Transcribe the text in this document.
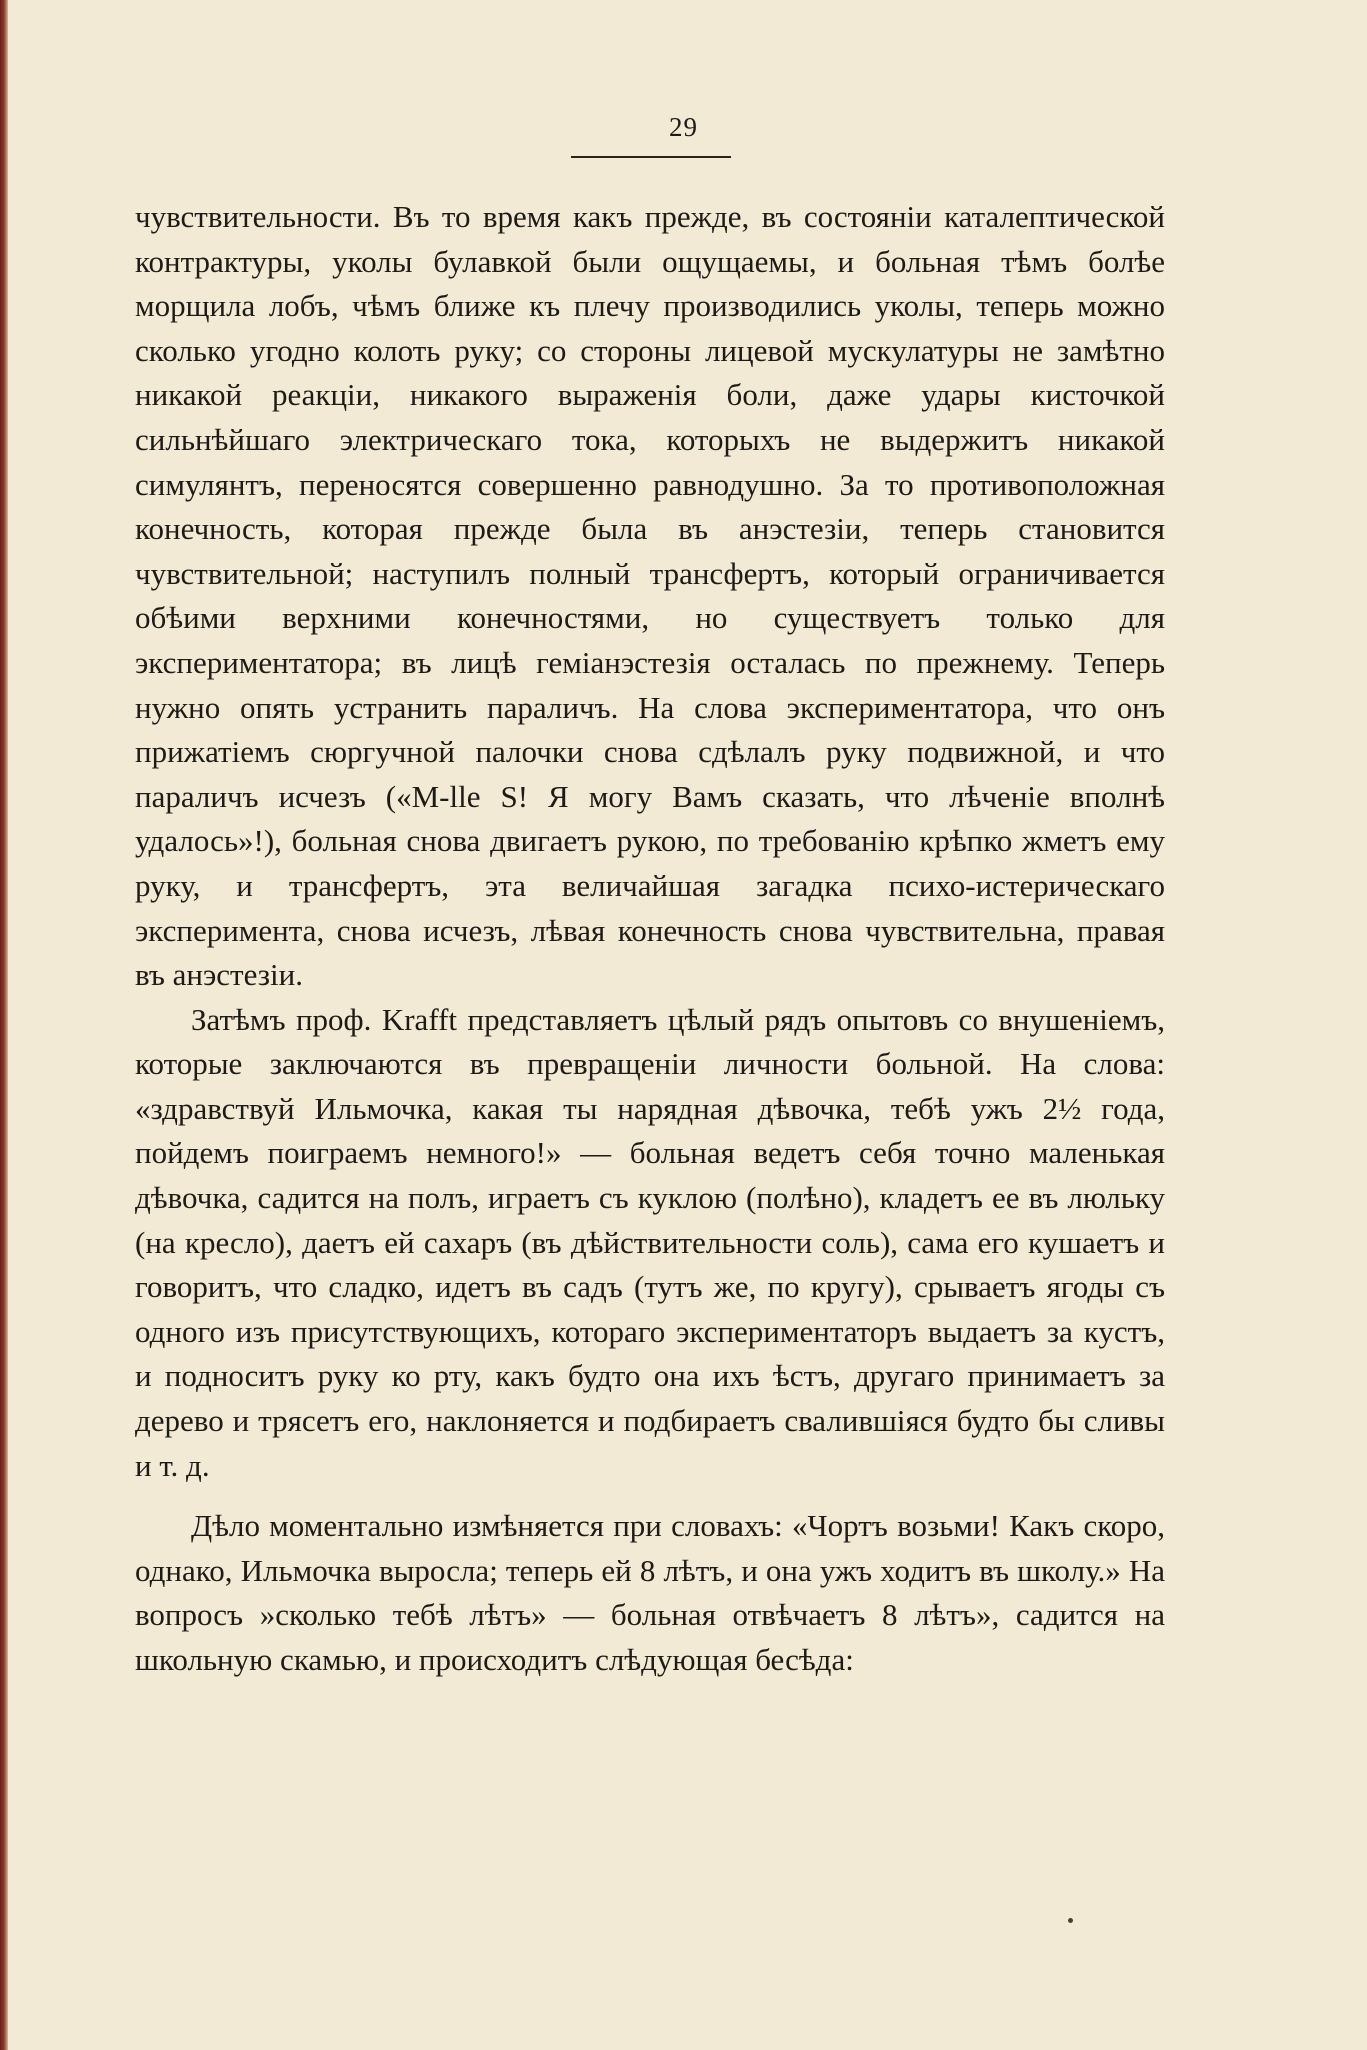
29

чувствительности. Въ то время какъ прежде, въ состояніи каталептической контрактуры, уколы булавкой были ощущаемы, и больная тѣмъ болѣе морщила лобъ, чѣмъ ближе къ плечу производились уколы, теперь можно сколько угодно колоть руку; со стороны лицевой мускулатуры не замѣтно никакой реакціи, никакого выраженія боли, даже удары кисточкой сильнѣйшаго электрическаго тока, которыхъ не выдержитъ никакой симулянтъ, переносятся совершенно равнодушно. За то противоположная конечность, которая прежде была въ анэстезіи, теперь становится чувствительной; наступилъ полный трансфертъ, который ограничивается обѣими верхними конечностями, но существуетъ только для экспериментатора; въ лицѣ геміанэстезія осталась по прежнему. Теперь нужно опять устранить параличъ. На слова экспериментатора, что онъ прижатіемъ сюргучной палочки снова сдѣлалъ руку подвижной, и что параличъ исчезъ («M-lle S! Я могу Вамъ сказать, что лѣченіе вполнѣ удалось»!), больная снова двигаетъ рукою, по требованію крѣпко жметъ ему руку, и трансфертъ, эта величайшая загадка психо-истерическаго эксперимента, снова исчезъ, лѣвая конечность снова чувствительна, правая въ анэстезіи.

Затѣмъ проф. Krafft представляетъ цѣлый рядъ опытовъ со внушеніемъ, которые заключаются въ превращеніи личности больной. На слова: «здравствуй Ильмочка, какая ты нарядная дѣвочка, тебѣ ужъ 2½ года, пойдемъ поиграемъ немного!» — больная ведетъ себя точно маленькая дѣвочка, садится на полъ, играетъ съ куклою (полѣно), кладетъ ее въ люльку (на кресло), даетъ ей сахаръ (въ дѣйствительности соль), сама его кушаетъ и говоритъ, что сладко, идетъ въ садъ (тутъ же, по кругу), срываетъ ягоды съ одного изъ присутствующихъ, котораго экспериментаторъ выдаетъ за кустъ, и подноситъ руку ко рту, какъ будто она ихъ ѣстъ, другаго принимаетъ за дерево и трясетъ его, наклоняется и подбираетъ свалившіяся будто бы сливы и т. д.

Дѣло моментально измѣняется при словахъ: «Чортъ возьми! Какъ скоро, однако, Ильмочка выросла; теперь ей 8 лѣтъ, и она ужъ ходитъ въ школу.» На вопросъ »сколько тебѣ лѣтъ» — больная отвѣчаетъ 8 лѣтъ», садится на школьную скамью, и происходитъ слѣдующая бесѣда:
